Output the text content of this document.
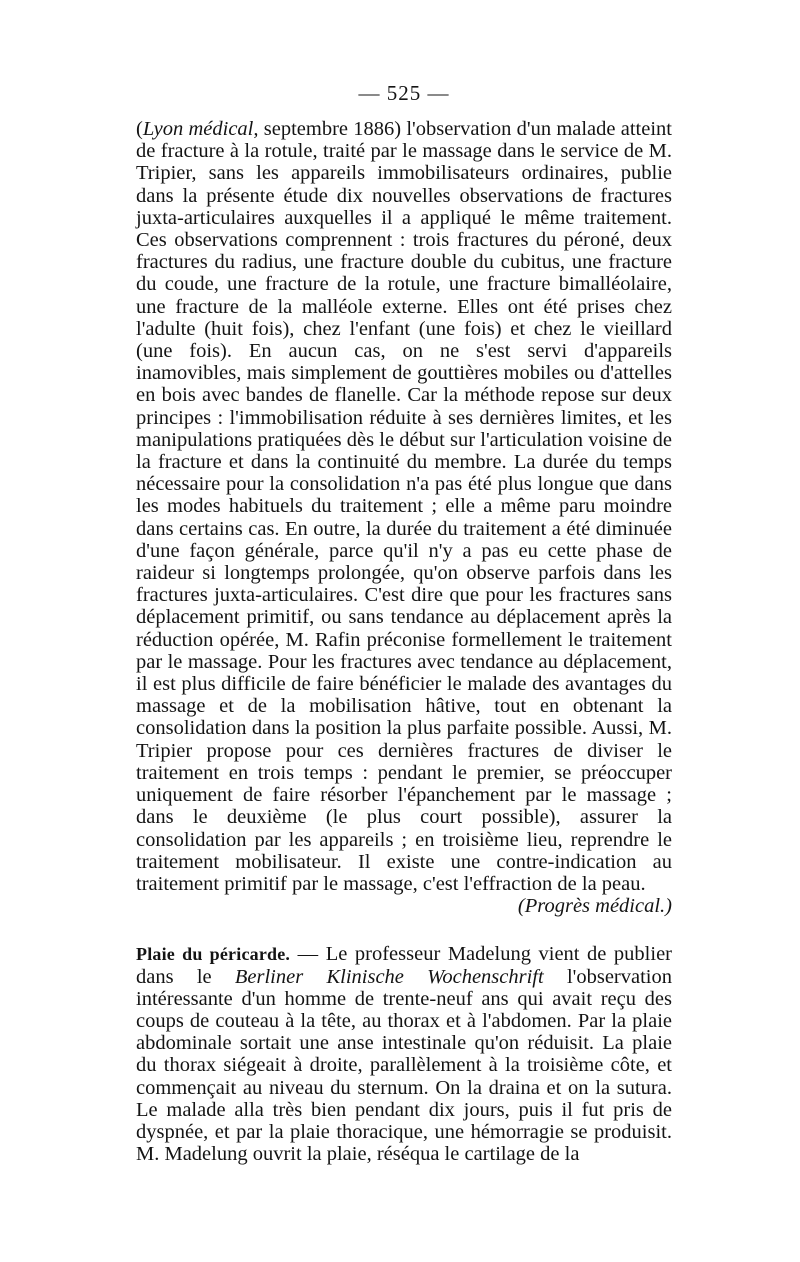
— 525 —

(Lyon médical, septembre 1886) l'observation d'un malade atteint de fracture à la rotule, traité par le massage dans le service de M. Tripier, sans les appareils immobilisateurs ordinaires, publie dans la présente étude dix nouvelles observations de fractures juxta-articulaires auxquelles il a appliqué le même traitement. Ces observations comprennent : trois fractures du péroné, deux fractures du radius, une fracture double du cubitus, une fracture du coude, une fracture de la rotule, une fracture bimalléolaire, une fracture de la malléole externe. Elles ont été prises chez l'adulte (huit fois), chez l'enfant (une fois) et chez le vieillard (une fois). En aucun cas, on ne s'est servi d'appareils inamovibles, mais simplement de gouttières mobiles ou d'attelles en bois avec bandes de flanelle. Car la méthode repose sur deux principes : l'immobilisation réduite à ses dernières limites, et les manipulations pratiquées dès le début sur l'articulation voisine de la fracture et dans la continuité du membre. La durée du temps nécessaire pour la consolidation n'a pas été plus longue que dans les modes habituels du traitement ; elle a même paru moindre dans certains cas. En outre, la durée du traitement a été diminuée d'une façon générale, parce qu'il n'y a pas eu cette phase de raideur si longtemps prolongée, qu'on observe parfois dans les fractures juxta-articulaires. C'est dire que pour les fractures sans déplacement primitif, ou sans tendance au déplacement après la réduction opérée, M. Rafin préconise formellement le traitement par le massage. Pour les fractures avec tendance au déplacement, il est plus difficile de faire bénéficier le malade des avantages du massage et de la mobilisation hâtive, tout en obtenant la consolidation dans la position la plus parfaite possible. Aussi, M. Tripier propose pour ces dernières fractures de diviser le traitement en trois temps : pendant le premier, se préoccuper uniquement de faire résorber l'épanchement par le massage ; dans le deuxième (le plus court possible), assurer la consolidation par les appareils ; en troisième lieu, reprendre le traitement mobilisateur. Il existe une contre-indication au traitement primitif par le massage, c'est l'effraction de la peau.

(Progrès médical.)

Plaie du péricarde. — Le professeur Madelung vient de publier dans le Berliner Klinische Wochenschrift l'observation intéressante d'un homme de trente-neuf ans qui avait reçu des coups de couteau à la tête, au thorax et à l'abdomen. Par la plaie abdominale sortait une anse intestinale qu'on réduisit. La plaie du thorax siégeait à droite, parallèlement à la troisième côte, et commençait au niveau du sternum. On la draina et on la sutura. Le malade alla très bien pendant dix jours, puis il fut pris de dyspnée, et par la plaie thoracique, une hémorragie se produisit. M. Madelung ouvrit la plaie, réséqua le cartilage de la
